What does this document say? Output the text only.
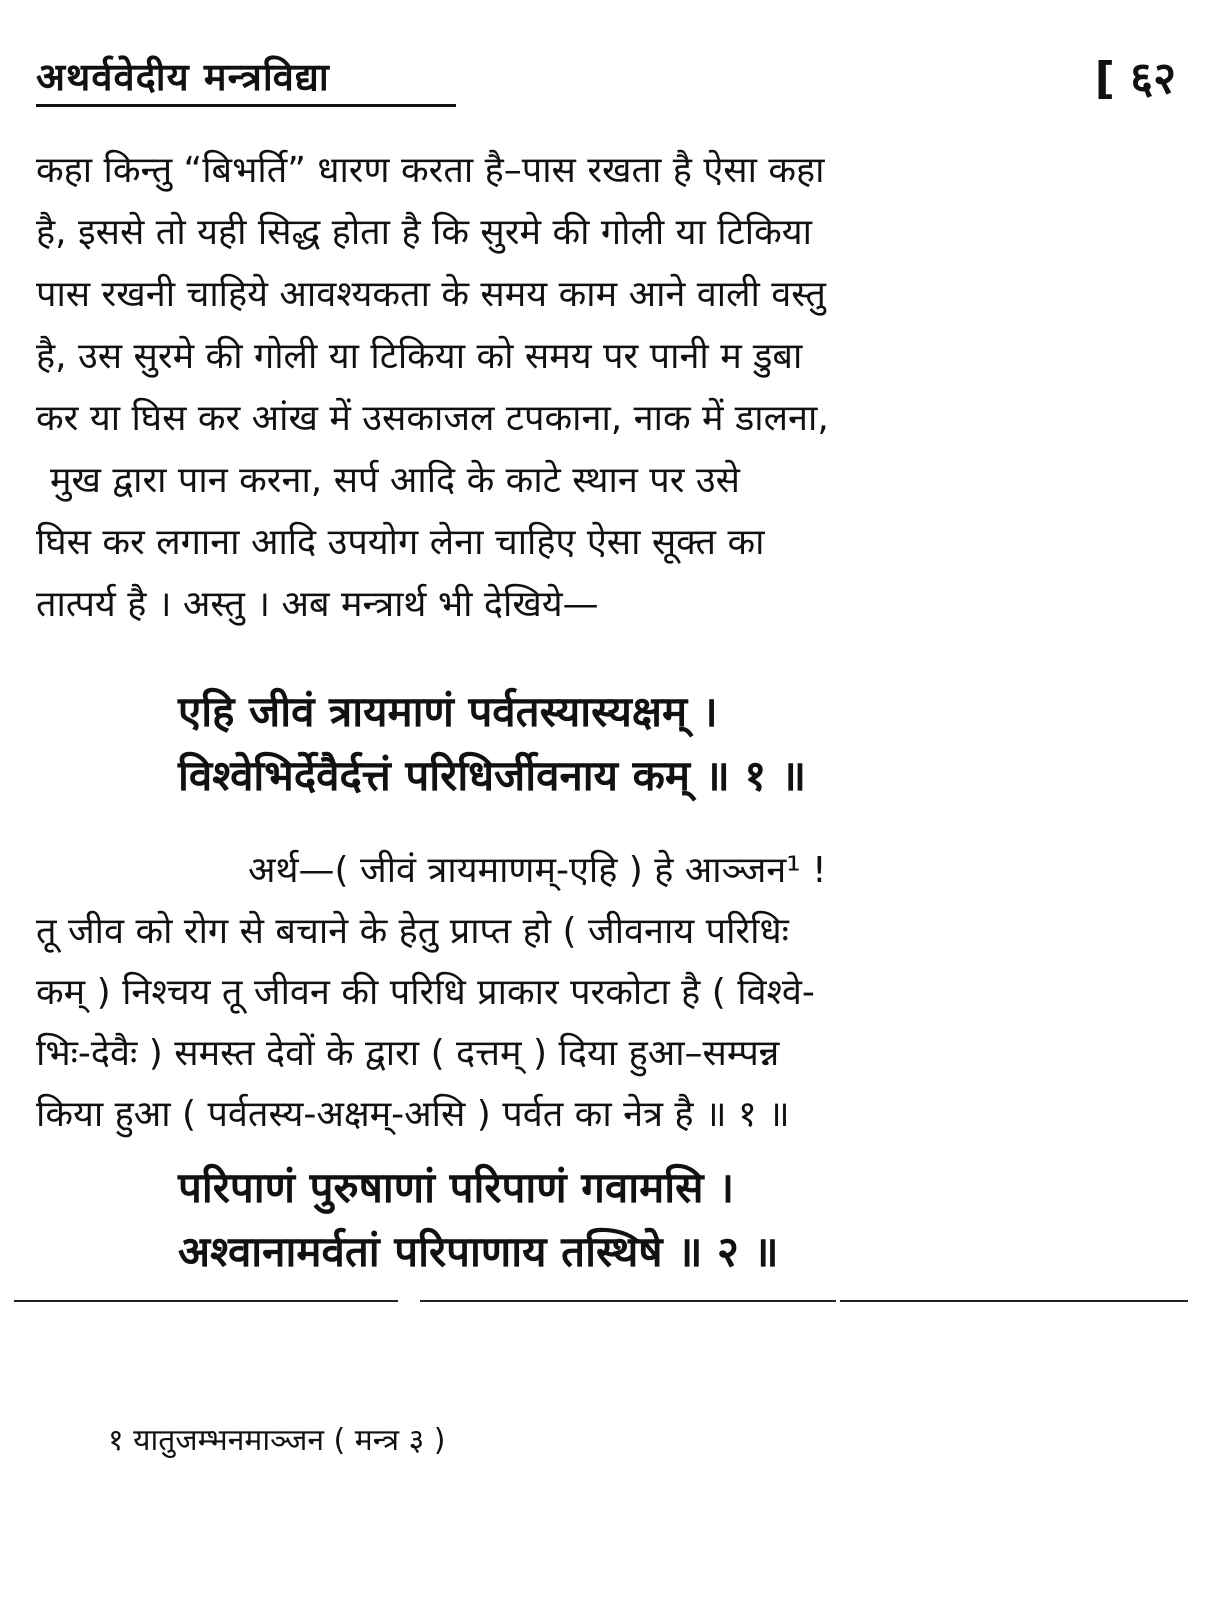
अथर्ववेदीय मन्त्रविद्या	[ ६२
कहा किन्तु “बिभर्ति” धारण करता है–पास रखता है ऐसा कहा
है, इससे तो यही सिद्ध होता है कि सुरमे की गोली या टिकिया
पास रखनी चाहिये आवश्यकता के समय काम आने वाली वस्तु
है, उस सुरमे की गोली या टिकिया को समय पर पानी म डुबा
कर या घिस कर आंख में उसकाजल टपकाना, नाक में डालना,
मुख द्वारा पान करना, सर्प आदि के काटे स्थान पर उसे
घिस कर लगाना आदि उपयोग लेना चाहिए ऐसा सूक्त का
तात्पर्य है । अस्तु । अब मन्त्रार्थ भी देखिये—
एहि जीवं त्रायमाणं पर्वतस्यास्यक्षम् ।
विश्वेभिर्देवैर्दत्तं परिधिर्जीवनाय कम् ॥ १ ॥
अर्थ—( जीवं त्रायमाणम्-एहि ) हे आञ्जन¹ !
तू जीव को रोग से बचाने के हेतु प्राप्त हो ( जीवनाय परिधिः
कम् ) निश्चय तू जीवन की परिधि प्राकार परकोटा है ( विश्वे-
भिः-देवैः ) समस्त देवों के द्वारा ( दत्तम् ) दिया हुआ–सम्पन्न
किया हुआ ( पर्वतस्य-अक्षम्-असि ) पर्वत का नेत्र है ॥ १ ॥
परिपाणं पुरुषाणां परिपाणं गवामसि ।
अश्वानामर्वतां परिपाणाय तस्थिषे ॥ २ ॥
१ यातुजम्भनमाञ्जन ( मन्त्र ३ )
